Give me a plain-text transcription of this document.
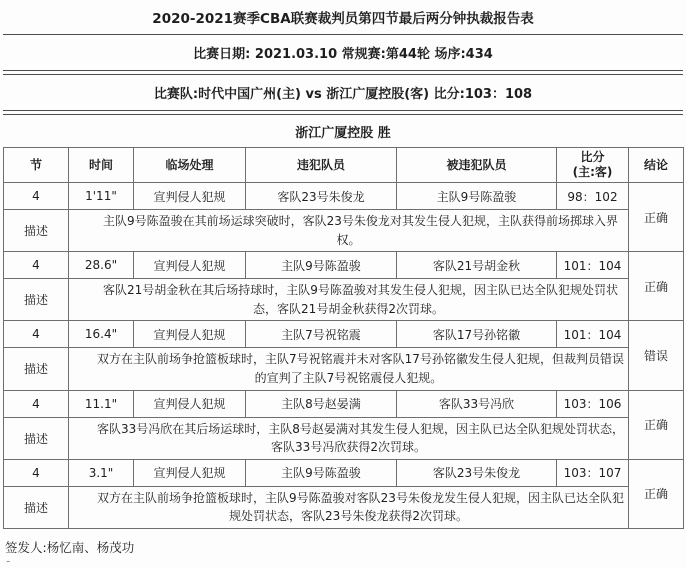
2020-2021赛季CBA联赛裁判员第四节最后两分钟执裁报告表
比赛日期: 2021.03.10 常规赛:第44轮 场序:434
比赛队:时代中国广州(主) vs 浙江广厦控股(客) 比分:103：108
浙江广厦控股 胜
节	时间	临场处理	违犯队员	被违犯队员	比分
(主:客)	结论
4	1'11"	宣判侵人犯规	客队23号朱俊龙	主队9号陈盈骏	98：102	正确
描述	主队9号陈盈骏在其前场运球突破时，客队23号朱俊龙对其发生侵人犯规，主队获得前场掷球入界权。					
4	28.6"	宣判侵人犯规	主队9号陈盈骏	客队21号胡金秋	101：104	正确
描述	客队21号胡金秋在其后场持球时，主队9号陈盈骏对其发生侵人犯规，因主队已达全队犯规处罚状态，客队21号胡金秋获得2次罚球。					
4	16.4"	宣判侵人犯规	主队7号祝铭震	客队17号孙铭徽	101：104	错误
描述	双方在主队前场争抢篮板球时，主队7号祝铭震并未对客队17号孙铭徽发生侵人犯规，但裁判员错误的宣判了主队7号祝铭震侵人犯规。					
4	11.1"	宣判侵人犯规	主队8号赵晏满	客队33号冯欣	103：106	正确
描述	客队33号冯欣在其后场运球时，主队8号赵晏满对其发生侵人犯规，因主队已达全队犯规处罚状态，客队33号冯欣获得2次罚球。					
4	3.1"	宣判侵人犯规	主队9号陈盈骏	客队23号朱俊龙	103：107	正确
描述	双方在主队前场争抢篮板球时，主队9号陈盈骏对客队23号朱俊龙发生侵人犯规，因主队已达全队犯规处罚状态，客队23号朱俊龙获得2次罚球。					
签发人:杨忆南、杨茂功
-
